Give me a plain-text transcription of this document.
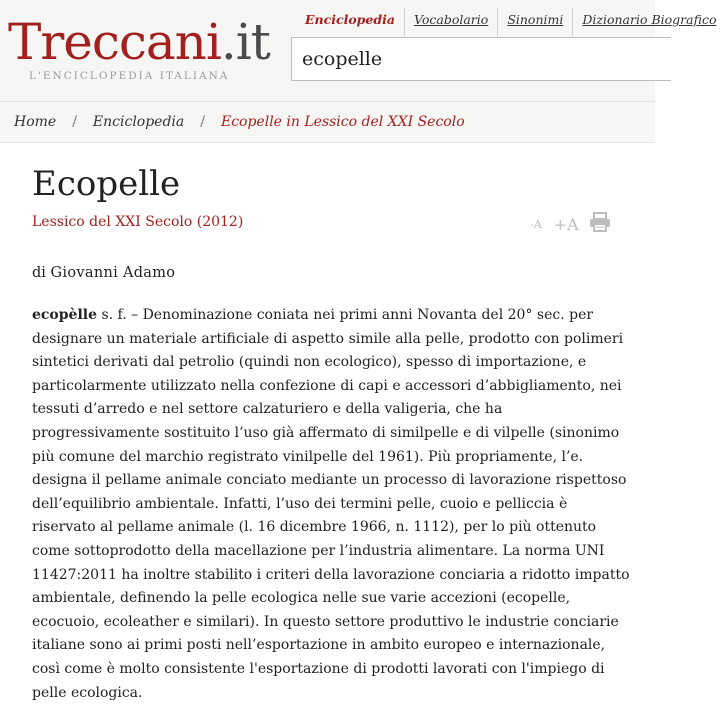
Treccani.it
L'ENCICLOPEDIA ITALIANA
Enciclopedia Vocabolario Sinonimi Dizionario Biografico
ecopelle
Home / Enciclopedia / Ecopelle in Lessico del XXI Secolo
Ecopelle
Lessico del XXI Secolo (2012)	-A +A
di Giovanni Adamo

ecopèlle s. f. – Denominazione coniata nei primi anni Novanta del 20° sec. per designare un materiale artificiale di aspetto simile alla pelle, prodotto con polimeri sintetici derivati dal petrolio (quindi non ecologico), spesso di importazione, e particolarmente utilizzato nella confezione di capi e accessori d’abbigliamento, nei tessuti d’arredo e nel settore calzaturiero e della valigeria, che ha progressivamente sostituito l’uso già affermato di similpelle e di vilpelle (sinonimo più comune del marchio registrato vinilpelle del 1961). Più propriamente, l’e. designa il pellame animale conciato mediante un processo di lavorazione rispettoso dell’equilibrio ambientale. Infatti, l’uso dei termini pelle, cuoio e pelliccia è riservato al pellame animale (l. 16 dicembre 1966, n. 1112), per lo più ottenuto come sottoprodotto della macellazione per l’industria alimentare. La norma UNI 11427:2011 ha inoltre stabilito i criteri della lavorazione conciaria a ridotto impatto ambientale, definendo la pelle ecologica nelle sue varie accezioni (ecopelle, ecocuoio, ecoleather e similari). In questo settore produttivo le industrie conciarie italiane sono ai primi posti nell’esportazione in ambito europeo e internazionale, così come è molto consistente l'esportazione di prodotti lavorati con l'impiego di pelle ecologica.
